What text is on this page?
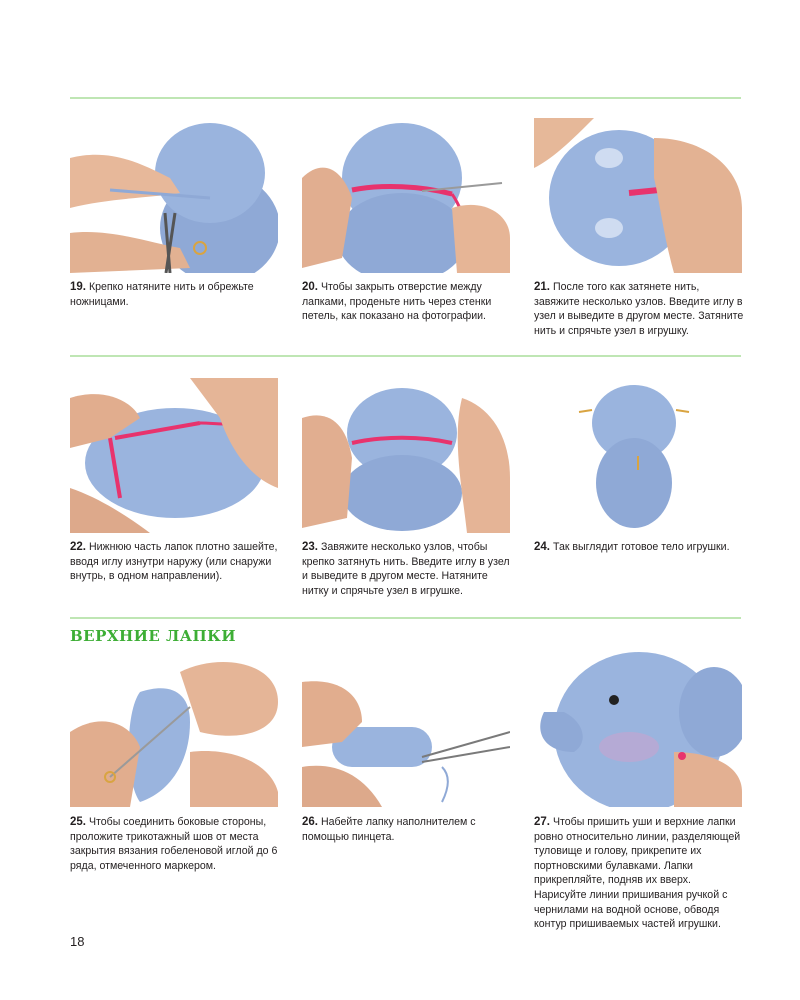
19. Крепко натяните нить и обрежьте ножницами.

20. Чтобы закрыть отверстие между лапками, проденьте нить через стенки петель, как показано на фотографии.

21. После того как затянете нить, завяжите несколько узлов. Введите иглу в узел и выведите в другом месте. Затяните нить и спрячьте узел в игрушку.

22. Нижнюю часть лапок плотно зашейте, вводя иглу изнутри наружу (или снаружи внутрь, в одном направлении).

23. Завяжите несколько узлов, чтобы крепко затянуть нить. Введите иглу в узел и выведите в другом месте. Натяните нитку и спрячьте узел в игрушке.

24. Так выглядит готовое тело игрушки.

ВЕРХНИЕ ЛАПКИ

25. Чтобы соединить боковые стороны, проложите трикотажный шов от места закрытия вязания гобеленовой иглой до 6 ряда, отмеченного маркером.

26. Набейте лапку наполнителем с помощью пинцета.

27. Чтобы пришить уши и верхние лапки ровно относительно линии, разделяющей туловище и голову, прикрепите их портновскими булавками. Лапки прикрепляйте, подняв их вверх. Нарисуйте линии пришивания ручкой с чернилами на водной основе, обводя контур пришиваемых частей игрушки.

18
